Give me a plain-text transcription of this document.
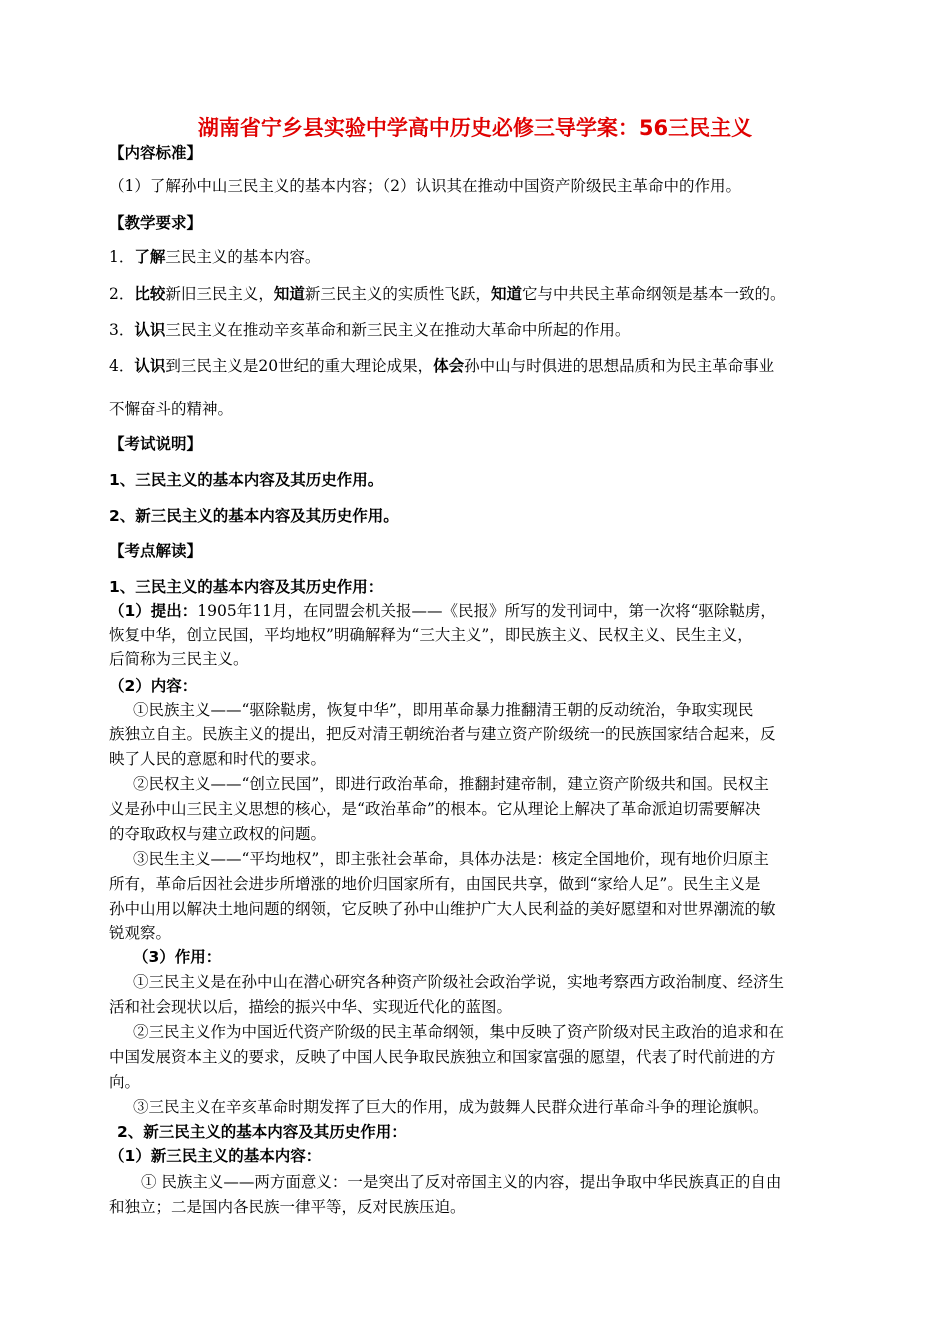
湖南省宁乡县实验中学高中历史必修三导学案：56三民主义
【内容标准】
（1）了解孙中山三民主义的基本内容；（2）认识其在推动中国资产阶级民主革命中的作用。
【教学要求】
1．了解三民主义的基本内容。
2．比较新旧三民主义，知道新三民主义的实质性飞跃，知道它与中共民主革命纲领是基本一致的。
3．认识三民主义在推动辛亥革命和新三民主义在推动大革命中所起的作用。
4．认识到三民主义是20世纪的重大理论成果，体会孙中山与时俱进的思想品质和为民主革命事业
不懈奋斗的精神。
【考试说明】
1、三民主义的基本内容及其历史作用。
2、新三民主义的基本内容及其历史作用。
【考点解读】
1、三民主义的基本内容及其历史作用：
（1）提出：1905年11月，在同盟会机关报——《民报》所写的发刊词中，第一次将“驱除鞑虏，
恢复中华，创立民国，平均地权”明确解释为“三大主义”，即民族主义、民权主义、民生主义，
后简称为三民主义。
（2）内容：
①民族主义——“驱除鞑虏，恢复中华”，即用革命暴力推翻清王朝的反动统治，争取实现民
族独立自主。民族主义的提出，把反对清王朝统治者与建立资产阶级统一的民族国家结合起来，反
映了人民的意愿和时代的要求。
②民权主义——“创立民国”，即进行政治革命，推翻封建帝制，建立资产阶级共和国。民权主
义是孙中山三民主义思想的核心，是“政治革命”的根本。它从理论上解决了革命派迫切需要解决
的夺取政权与建立政权的问题。
③民生主义——“平均地权”，即主张社会革命，具体办法是：核定全国地价，现有地价归原主
所有，革命后因社会进步所增涨的地价归国家所有，由国民共享，做到“家给人足”。民生主义是
孙中山用以解决土地问题的纲领，它反映了孙中山维护广大人民利益的美好愿望和对世界潮流的敏
锐观察。
（3）作用：
①三民主义是在孙中山在潜心研究各种资产阶级社会政治学说，实地考察西方政治制度、经济生
活和社会现状以后，描绘的振兴中华、实现近代化的蓝图。
②三民主义作为中国近代资产阶级的民主革命纲领，集中反映了资产阶级对民主政治的追求和在
中国发展资本主义的要求，反映了中国人民争取民族独立和国家富强的愿望，代表了时代前进的方
向。
③三民主义在辛亥革命时期发挥了巨大的作用，成为鼓舞人民群众进行革命斗争的理论旗帜。
2、新三民主义的基本内容及其历史作用：
（1）新三民主义的基本内容：
① 民族主义——两方面意义：一是突出了反对帝国主义的内容，提出争取中华民族真正的自由
和独立；二是国内各民族一律平等，反对民族压迫。
